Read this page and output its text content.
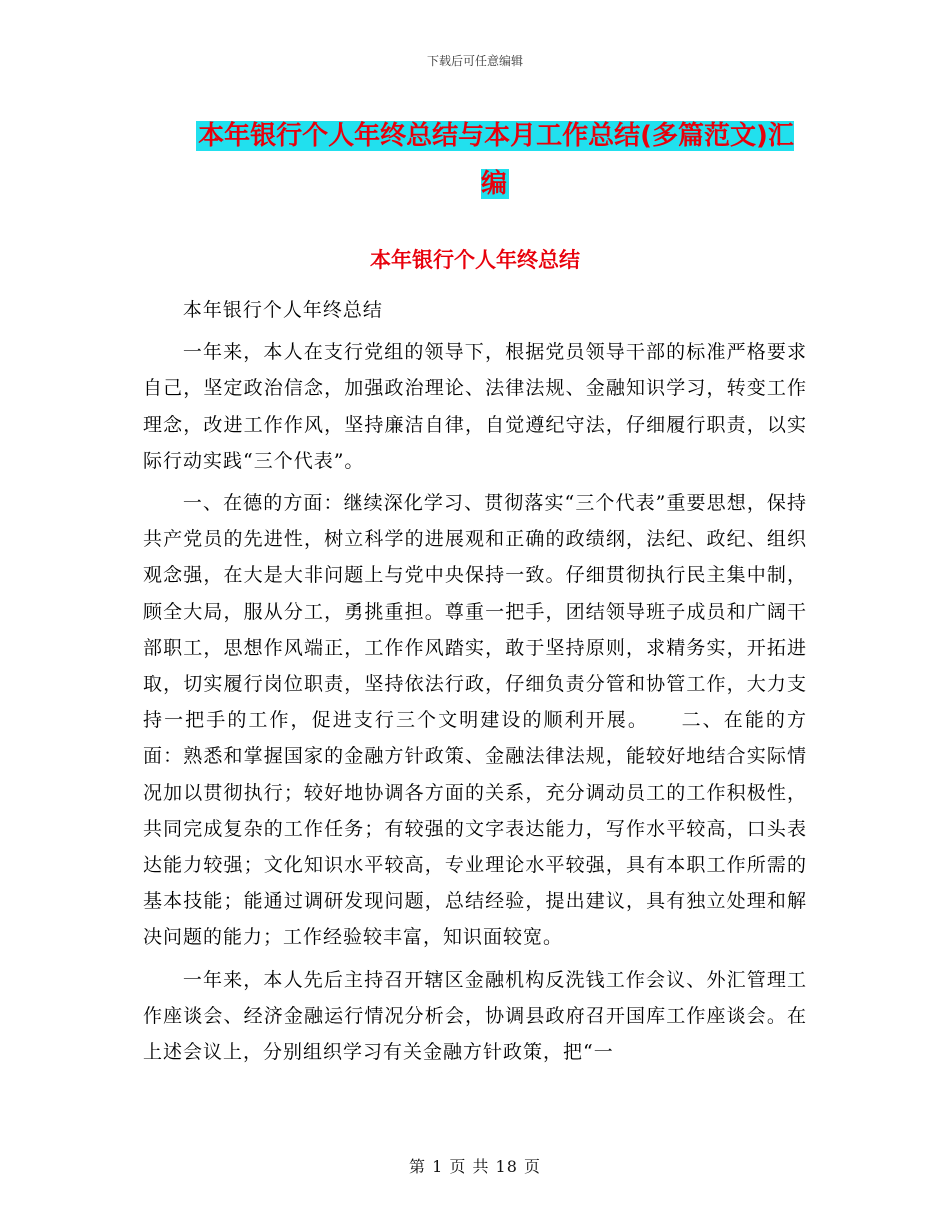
下载后可任意编辑
本年银行个人年终总结与本月工作总结(多篇范文)汇编
本年银行个人年终总结

本年银行个人年终总结

一年来，本人在支行党组的领导下，根据党员领导干部的标准严格要求自己，坚定政治信念，加强政治理论、法律法规、金融知识学习，转变工作理念，改进工作作风，坚持廉洁自律，自觉遵纪守法，仔细履行职责，以实际行动实践“三个代表”。

一、在德的方面：继续深化学习、贯彻落实“三个代表”重要思想，保持共产党员的先进性，树立科学的进展观和正确的政绩纲，法纪、政纪、组织观念强，在大是大非问题上与党中央保持一致。仔细贯彻执行民主集中制，顾全大局，服从分工，勇挑重担。尊重一把手，团结领导班子成员和广阔干部职工，思想作风端正，工作作风踏实，敢于坚持原则，求精务实，开拓进取，切实履行岗位职责，坚持依法行政，仔细负责分管和协管工作，大力支持一把手的工作，促进支行三个文明建设的顺利开展。　　二、在能的方面：熟悉和掌握国家的金融方针政策、金融法律法规，能较好地结合实际情况加以贯彻执行；较好地协调各方面的关系，充分调动员工的工作积极性，共同完成复杂的工作任务；有较强的文字表达能力，写作水平较高，口头表达能力较强；文化知识水平较高，专业理论水平较强，具有本职工作所需的基本技能；能通过调研发现问题，总结经验，提出建议，具有独立处理和解决问题的能力；工作经验较丰富，知识面较宽。

一年来，本人先后主持召开辖区金融机构反洗钱工作会议、外汇管理工作座谈会、经济金融运行情况分析会，协调县政府召开国库工作座谈会。在上述会议上，分别组织学习有关金融方针政策，把“一

第 1 页 共 18 页
